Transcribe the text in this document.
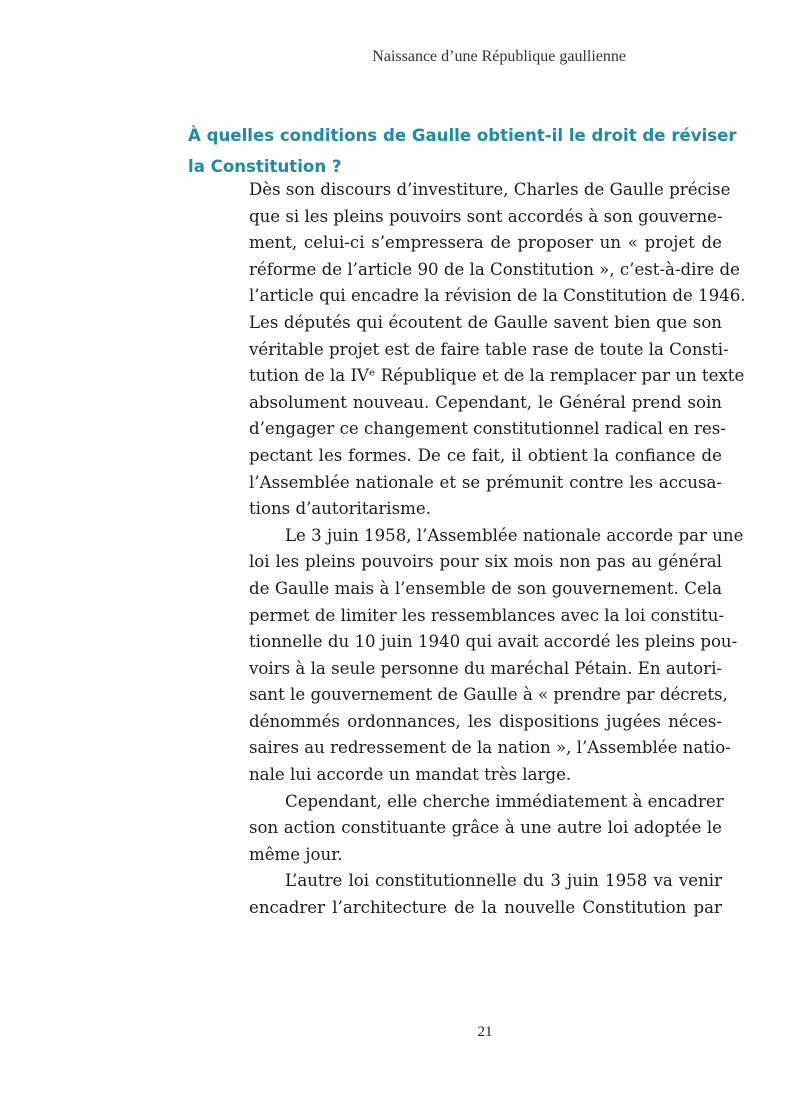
Naissance d’une République gaullienne
À quelles conditions de Gaulle obtient-il le droit de réviser
la Constitution ?
Dès son discours d’investiture, Charles de Gaulle précise
que si les pleins pouvoirs sont accordés à son gouverne-
ment, celui-ci s’empressera de proposer un « projet de
réforme de l’article 90 de la Constitution », c’est-à-dire de
l’article qui encadre la révision de la Constitution de 1946.
Les députés qui écoutent de Gaulle savent bien que son
véritable projet est de faire table rase de toute la Consti-
tution de la IVᵉ République et de la remplacer par un texte
absolument nouveau. Cependant, le Général prend soin
d’engager ce changement constitutionnel radical en res-
pectant les formes. De ce fait, il obtient la confiance de
l’Assemblée nationale et se prémunit contre les accusa-
tions d’autoritarisme.
Le 3 juin 1958, l’Assemblée nationale accorde par une
loi les pleins pouvoirs pour six mois non pas au général
de Gaulle mais à l’ensemble de son gouvernement. Cela
permet de limiter les ressemblances avec la loi constitu-
tionnelle du 10 juin 1940 qui avait accordé les pleins pou-
voirs à la seule personne du maréchal Pétain. En autori-
sant le gouvernement de Gaulle à « prendre par décrets,
dénommés ordonnances, les dispositions jugées néces-
saires au redressement de la nation », l’Assemblée natio-
nale lui accorde un mandat très large.
Cependant, elle cherche immédiatement à encadrer
son action constituante grâce à une autre loi adoptée le
même jour.
L’autre loi constitutionnelle du 3 juin 1958 va venir
encadrer l’architecture de la nouvelle Constitution par
21
